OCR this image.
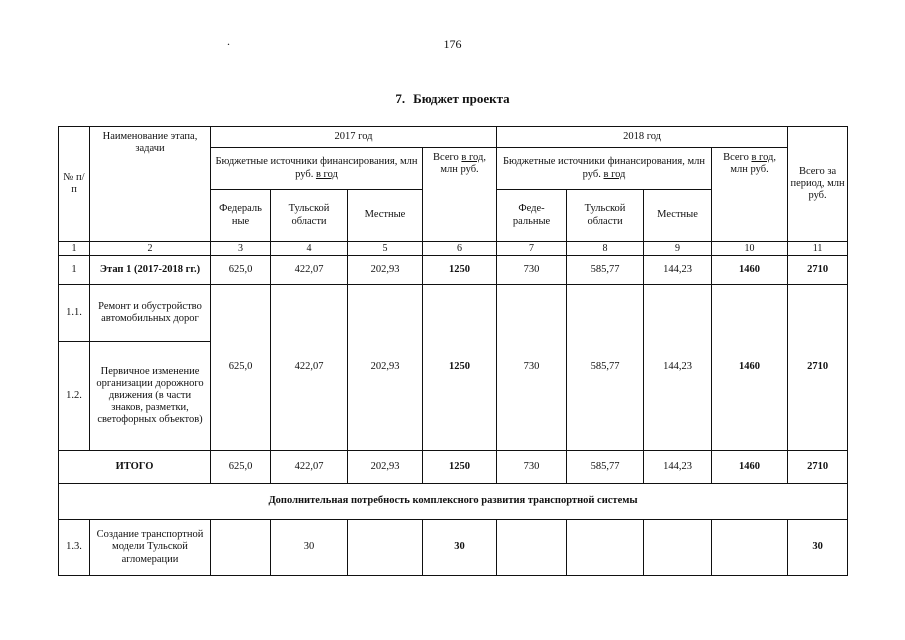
.	176
7. Бюджет проекта
№ п/п	Наименование этапа, задачи	2017 год				2018 год				Всего за период, млн руб.
		Бюджетные источники финансирования, млн руб. в год			Всего в год, млн руб.	Бюджетные источники финансирования, млн руб. в год			Всего в год, млн руб.	
		Федераль ные	Тульской области	Местные		Феде- ральные	Тульской области	Местные		
1	2	3	4	5	6	7	8	9	10	11
1	Этап 1 (2017-2018 гг.)	625,0	422,07	202,93	1250	730	585,77	144,23	1460	2710
1.1.	Ремонт и обустройство автомобильных дорог	625,0	422,07	202,93	1250	730	585,77	144,23	1460	2710
1.2.	Первичное изменение организации дорожного движения (в части знаков, разметки, светофорных объектов)									
ИТОГО		625,0	422,07	202,93	1250	730	585,77	144,23	1460	2710
Дополнительная потребность комплексного развития транспортной системы										
1.3.	Создание транспортной модели Тульской агломерации		30		30					30
